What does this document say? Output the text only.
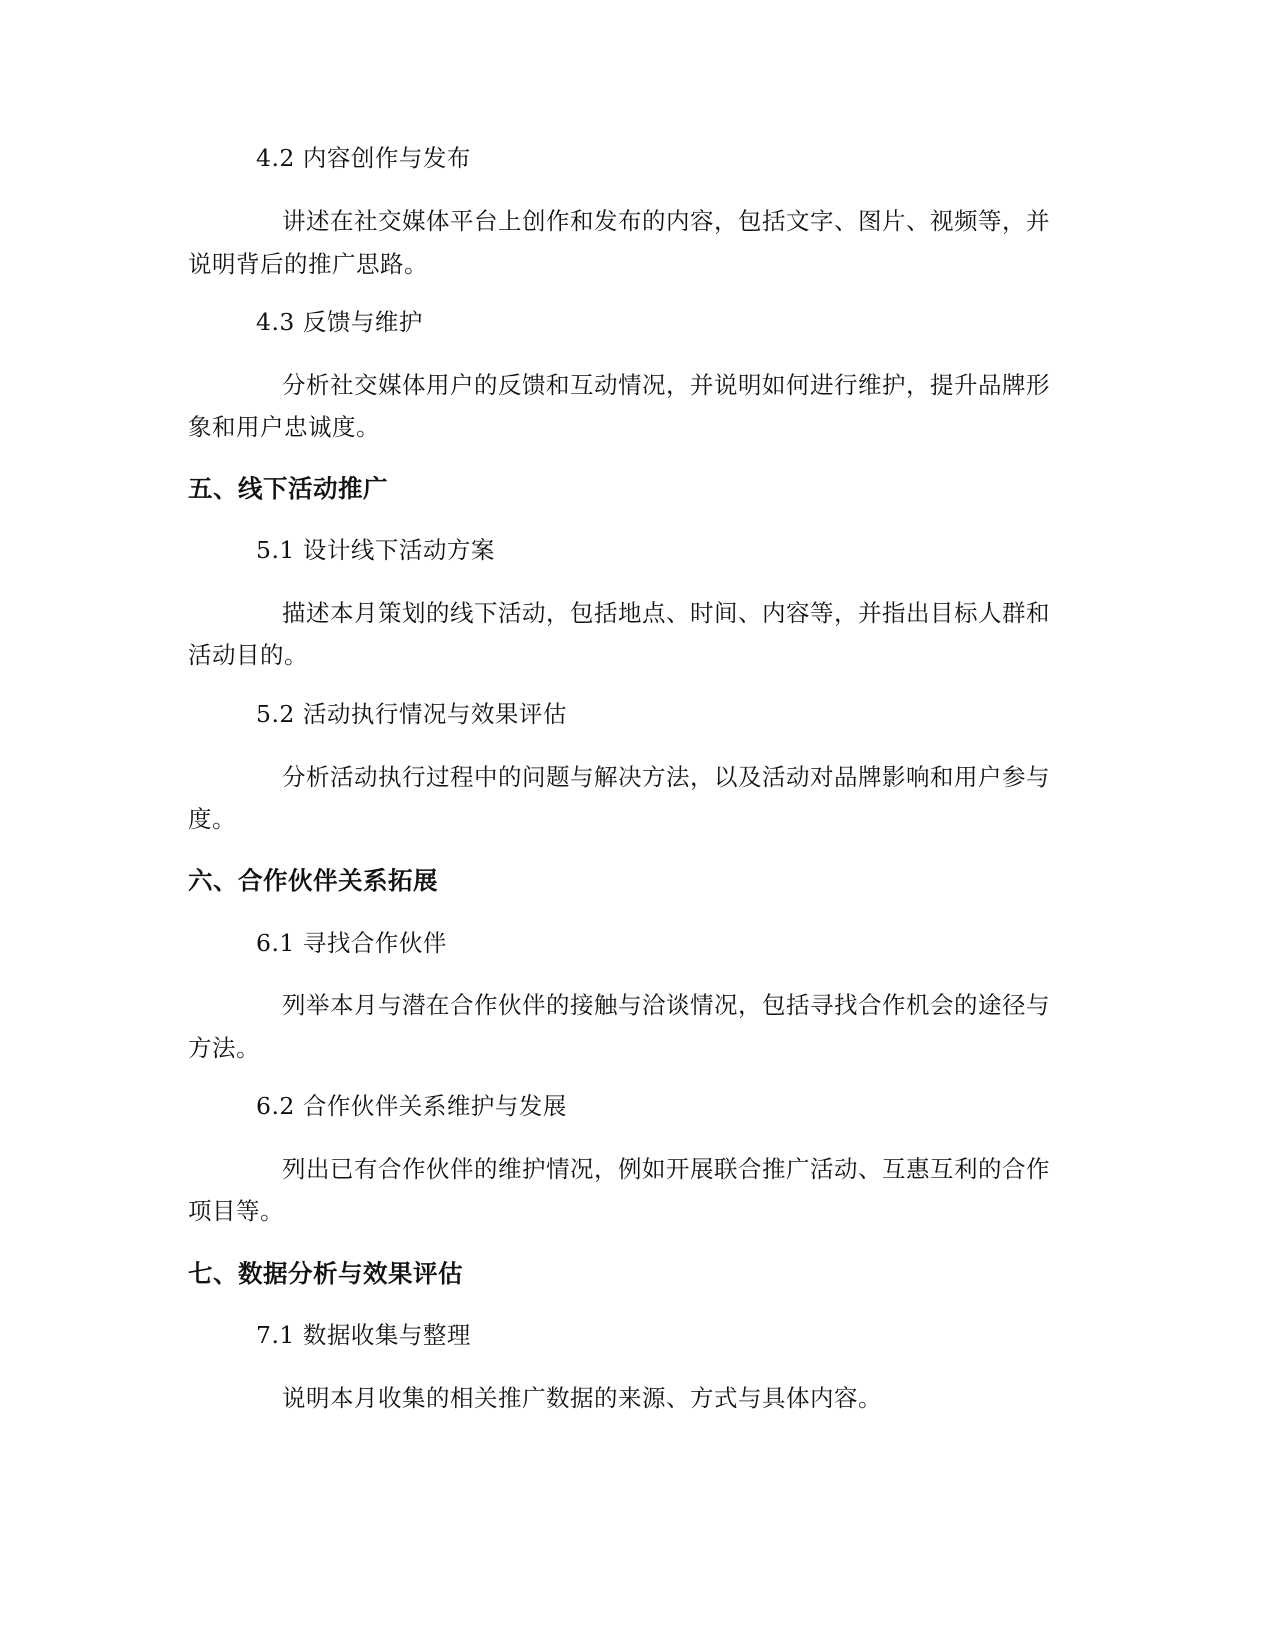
4.2 内容创作与发布
讲述在社交媒体平台上创作和发布的内容，包括文字、图片、视频等，并
说明背后的推广思路。
4.3 反馈与维护
分析社交媒体用户的反馈和互动情况，并说明如何进行维护，提升品牌形
象和用户忠诚度。
五、线下活动推广
5.1 设计线下活动方案
描述本月策划的线下活动，包括地点、时间、内容等，并指出目标人群和
活动目的。
5.2 活动执行情况与效果评估
分析活动执行过程中的问题与解决方法，以及活动对品牌影响和用户参与
度。
六、合作伙伴关系拓展
6.1 寻找合作伙伴
列举本月与潜在合作伙伴的接触与洽谈情况，包括寻找合作机会的途径与
方法。
6.2 合作伙伴关系维护与发展
列出已有合作伙伴的维护情况，例如开展联合推广活动、互惠互利的合作
项目等。
七、数据分析与效果评估
7.1 数据收集与整理
说明本月收集的相关推广数据的来源、方式与具体内容。
